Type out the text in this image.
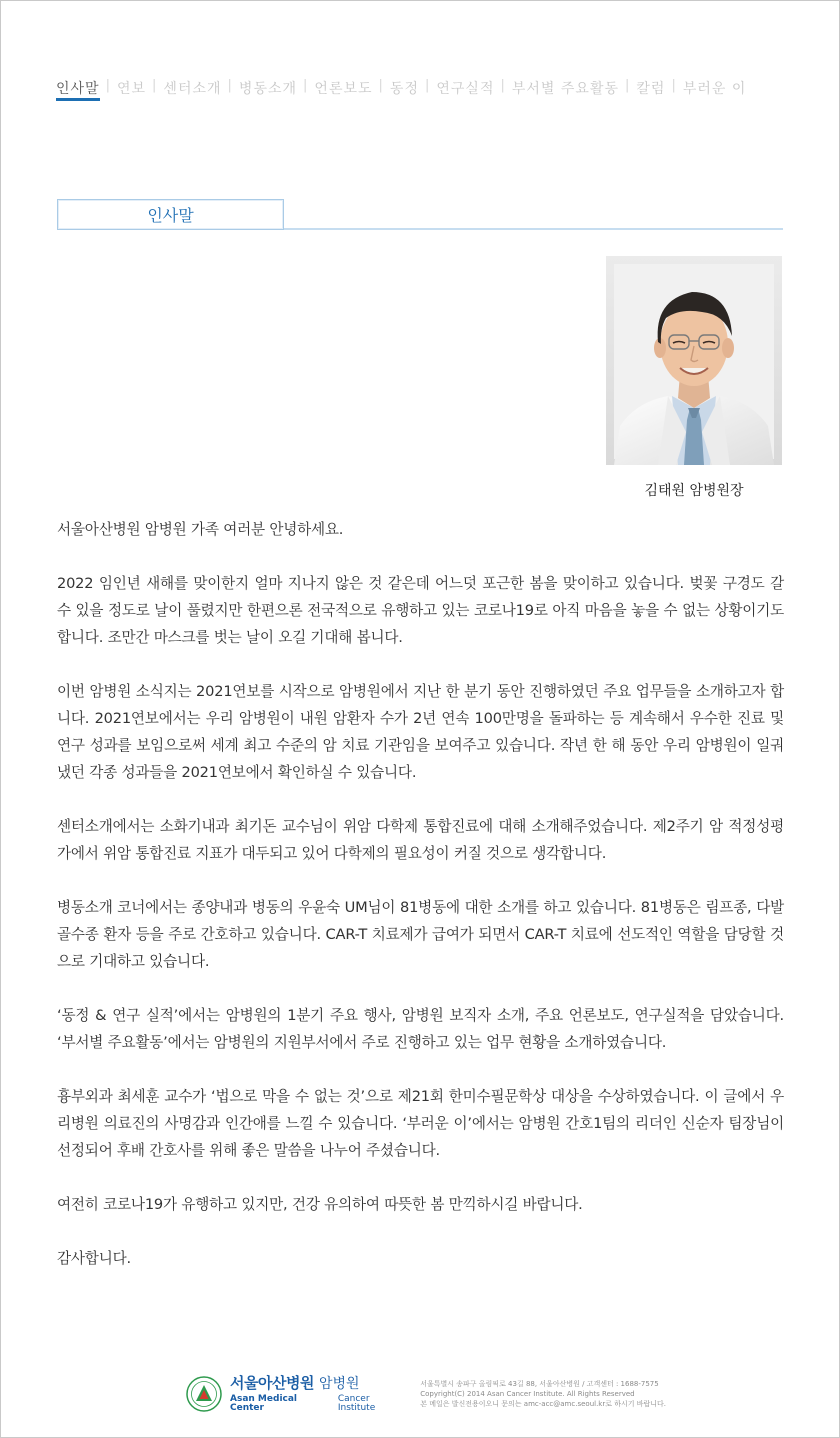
인사말 | 연보 | 센터소개 | 병동소개 | 언론보도 | 동정 | 연구실적 | 부서별 주요활동 | 칼럼 | 부러운 이
인사말
김태원 암병원장

서울아산병원 암병원 가족 여러분 안녕하세요.

2022 임인년 새해를 맞이한지 얼마 지나지 않은 것 같은데 어느덧 포근한 봄을 맞이하고 있습니다. 벚꽃 구경도 갈 수 있을 정도로 날이 풀렸지만 한편으론 전국적으로 유행하고 있는 코로나19로 아직 마음을 놓을 수 없는 상황이기도 합니다. 조만간 마스크를 벗는 날이 오길 기대해 봅니다.

이번 암병원 소식지는 2021연보를 시작으로 암병원에서 지난 한 분기 동안 진행하였던 주요 업무들을 소개하고자 합니다. 2021연보에서는 우리 암병원이 내원 암환자 수가 2년 연속 100만명을 돌파하는 등 계속해서 우수한 진료 및 연구 성과를 보임으로써 세계 최고 수준의 암 치료 기관임을 보여주고 있습니다. 작년 한 해 동안 우리 암병원이 일궈냈던 각종 성과들을 2021연보에서 확인하실 수 있습니다.

센터소개에서는 소화기내과 최기돈 교수님이 위암 다학제 통합진료에 대해 소개해주었습니다. 제2주기 암 적정성평가에서 위암 통합진료 지표가 대두되고 있어 다학제의 필요성이 커질 것으로 생각합니다.

병동소개 코너에서는 종양내과 병동의 우윤숙 UM님이 81병동에 대한 소개를 하고 있습니다. 81병동은 림프종, 다발골수종 환자 등을 주로 간호하고 있습니다. CAR-T 치료제가 급여가 되면서 CAR-T 치료에 선도적인 역할을 담당할 것으로 기대하고 있습니다.

‘동정 & 연구 실적’에서는 암병원의 1분기 주요 행사, 암병원 보직자 소개, 주요 언론보도, 연구실적을 담았습니다. ‘부서별 주요활동’에서는 암병원의 지원부서에서 주로 진행하고 있는 업무 현황을 소개하였습니다.

흉부외과 최세훈 교수가 ‘법으로 막을 수 없는 것’으로 제21회 한미수필문학상 대상을 수상하였습니다. 이 글에서 우리병원 의료진의 사명감과 인간애를 느낄 수 있습니다. ‘부러운 이’에서는 암병원 간호1팀의 리더인 신순자 팀장님이 선정되어 후배 간호사를 위해 좋은 말씀을 나누어 주셨습니다.

여전히 코로나19가 유행하고 있지만, 건강 유의하여 따뜻한 봄 만끽하시길 바랍니다.

감사합니다.

서울아산병원 암병원
Asan Medical Center
Cancer Institute
서울특별시 송파구 올림픽로 43길 88, 서울아산병원 / 고객센터 : 1688-7575
Copyright(C) 2014 Asan Cancer Institute. All Rights Reserved
본 메일은 발신전용이오니 문의는 amc-acc@amc.seoul.kr로 하시기 바랍니다.
